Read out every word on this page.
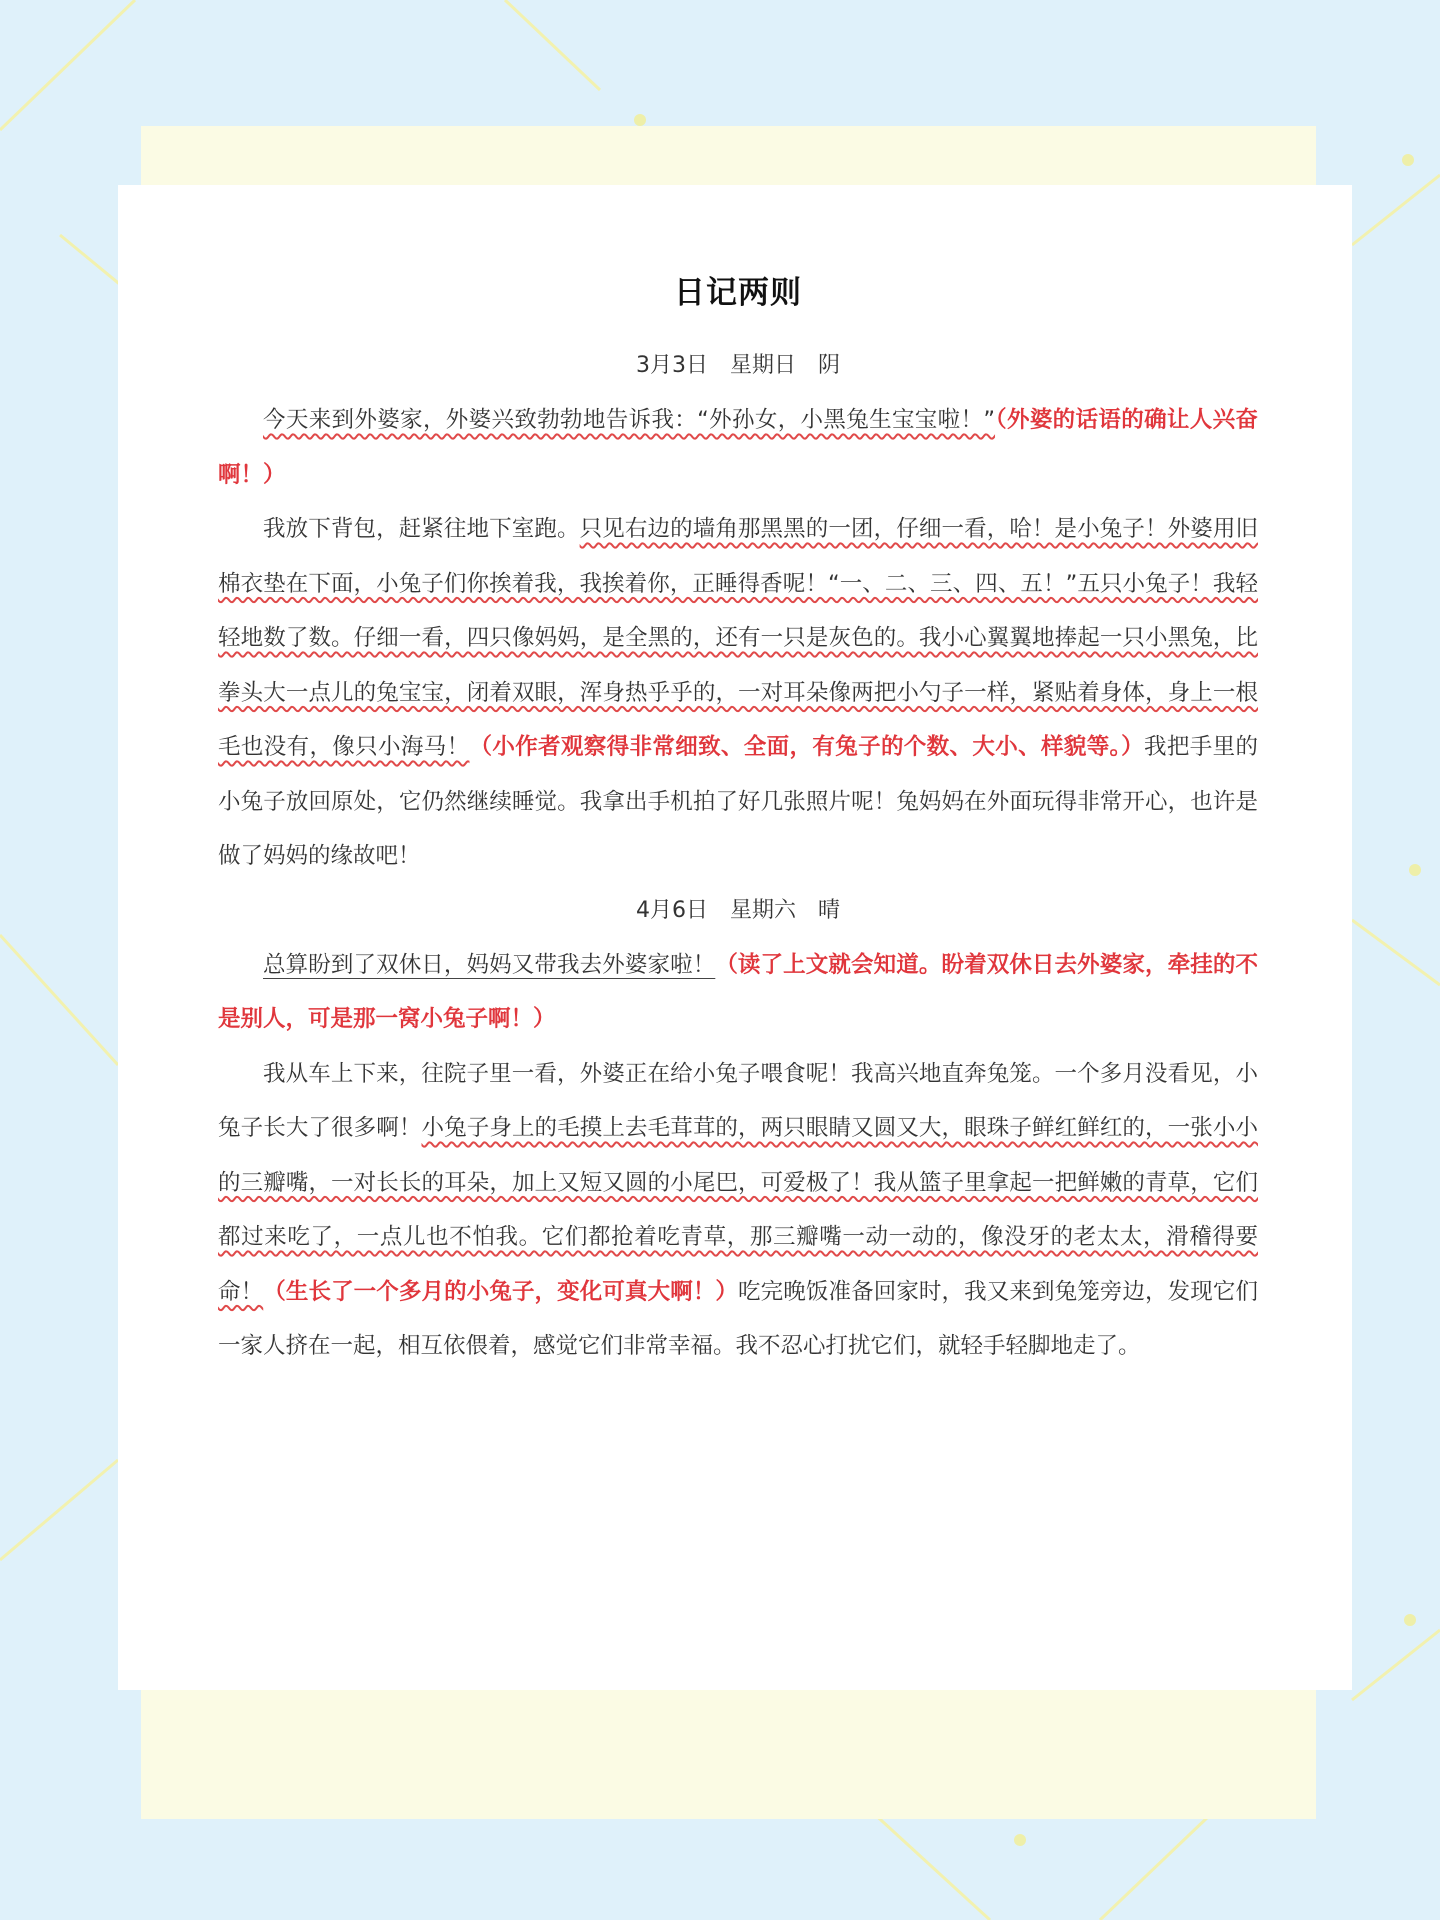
日记两则
3月3日　星期日　阴

今天来到外婆家，外婆兴致勃勃地告诉我：“外孙女，小黑兔生宝宝啦！”（外婆的话语的确让人兴奋啊！）

我放下背包，赶紧往地下室跑。只见右边的墙角那黑黑的一团，仔细一看，哈！是小兔子！外婆用旧棉衣垫在下面，小兔子们你挨着我，我挨着你，正睡得香呢！“一、二、三、四、五！”五只小兔子！我轻轻地数了数。仔细一看，四只像妈妈，是全黑的，还有一只是灰色的。我小心翼翼地捧起一只小黑兔，比拳头大一点儿的兔宝宝，闭着双眼，浑身热乎乎的，一对耳朵像两把小勺子一样，紧贴着身体，身上一根毛也没有，像只小海马！（小作者观察得非常细致、全面，有兔子的个数、大小、样貌等。）我把手里的小兔子放回原处，它仍然继续睡觉。我拿出手机拍了好几张照片呢！兔妈妈在外面玩得非常开心，也许是做了妈妈的缘故吧！

4月6日　星期六　晴

总算盼到了双休日，妈妈又带我去外婆家啦！（读了上文就会知道。盼着双休日去外婆家，牵挂的不是别人，可是那一窝小兔子啊！）

我从车上下来，往院子里一看，外婆正在给小兔子喂食呢！我高兴地直奔兔笼。一个多月没看见，小兔子长大了很多啊！小兔子身上的毛摸上去毛茸茸的，两只眼睛又圆又大，眼珠子鲜红鲜红的，一张小小的三瓣嘴，一对长长的耳朵，加上又短又圆的小尾巴，可爱极了！我从篮子里拿起一把鲜嫩的青草，它们都过来吃了，一点儿也不怕我。它们都抢着吃青草，那三瓣嘴一动一动的，像没牙的老太太，滑稽得要命！（生长了一个多月的小兔子，变化可真大啊！）吃完晚饭准备回家时，我又来到兔笼旁边，发现它们一家人挤在一起，相互依偎着，感觉它们非常幸福。我不忍心打扰它们，就轻手轻脚地走了。
